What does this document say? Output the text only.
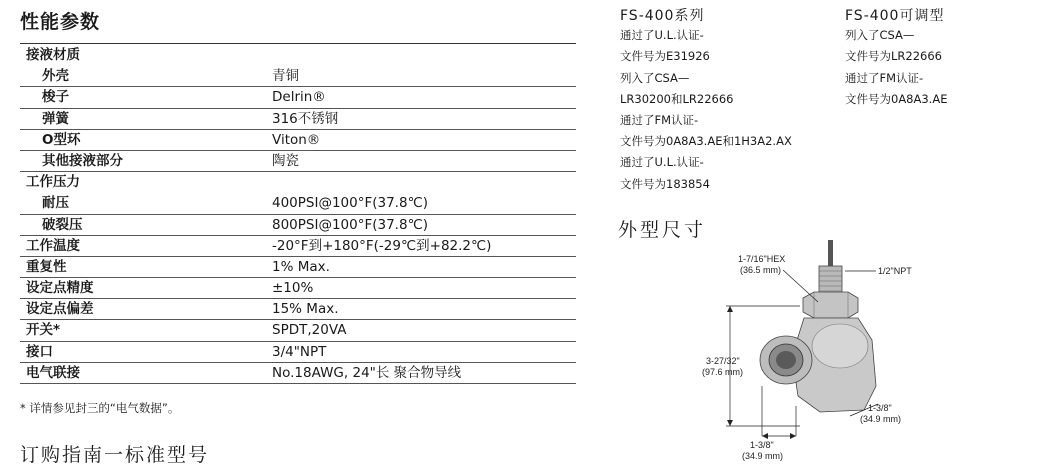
性能参数
接液材质
外壳	青铜
梭子	Delrin®
弹簧	316不锈钢
O型环	Viton®
其他接液部分	陶瓷
工作压力
耐压	400PSI@100°F(37.8℃)
破裂压	800PSI@100°F(37.8℃)
工作温度	-20°F到+180°F(-29℃到+82.2℃)
重复性	1% Max.
设定点精度	±10%
设定点偏差	15% Max.
开关*	SPDT,20VA
接口	3/4"NPT
电气联接	No.18AWG, 24"长 聚合物导线
* 详情参见封三的“电气数据”。
订购指南一标准型号
FS-400系列
通过了U.L.认证-
文件号为E31926
列入了CSA—
LR30200和LR22666
通过了FM认证-
文件号为0A8A3.AE和1H3A2.AX
通过了U.L.认证-
文件号为183854
FS-400可调型
列入了CSA—
文件号为LR22666
通过了FM认证-
文件号为0A8A3.AE
外型尺寸
1-7/16"HEX
(36.5 mm)	1/2"NPT
3-27/32"
(97.6 mm)
1-3/8"
(34.9 mm)
1-3/8"
(34.9 mm)
